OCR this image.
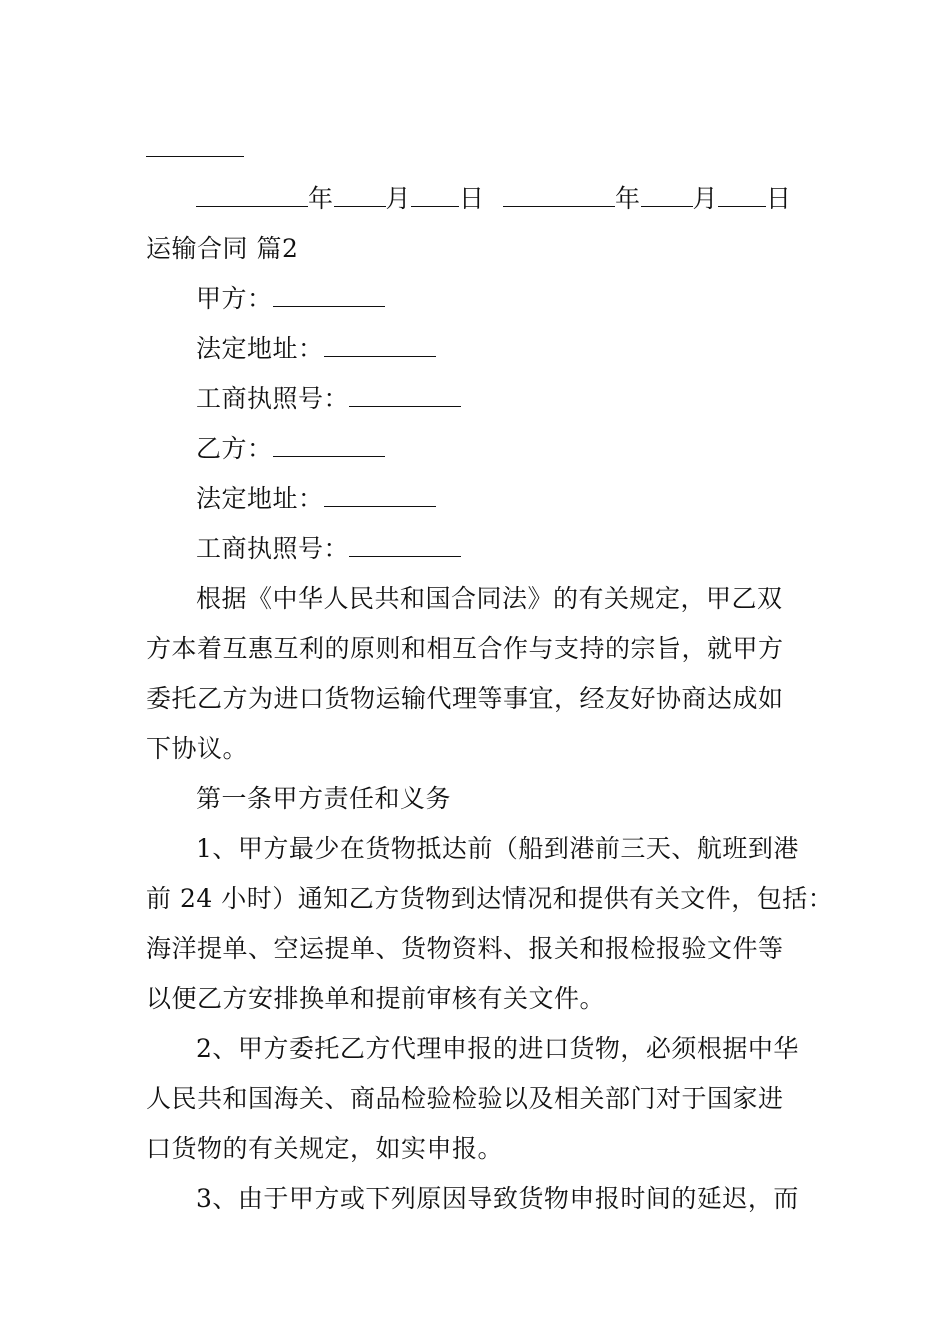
年 月 日	年 月 日
运输合同 篇2
甲方：
法定地址：
工商执照号：
乙方：
法定地址：
工商执照号：
根据《中华人民共和国合同法》的有关规定，甲乙双
方本着互惠互利的原则和相互合作与支持的宗旨，就甲方
委托乙方为进口货物运输代理等事宜，经友好协商达成如
下协议。
第一条甲方责任和义务
1、甲方最少在货物抵达前（船到港前三天、航班到港
前 24 小时）通知乙方货物到达情况和提供有关文件，包括：
海洋提单、空运提单、货物资料、报关和报检报验文件等
以便乙方安排换单和提前审核有关文件。
2、甲方委托乙方代理申报的进口货物，必须根据中华
人民共和国海关、商品检验检验以及相关部门对于国家进
口货物的有关规定，如实申报。
3、由于甲方或下列原因导致货物申报时间的延迟，而
